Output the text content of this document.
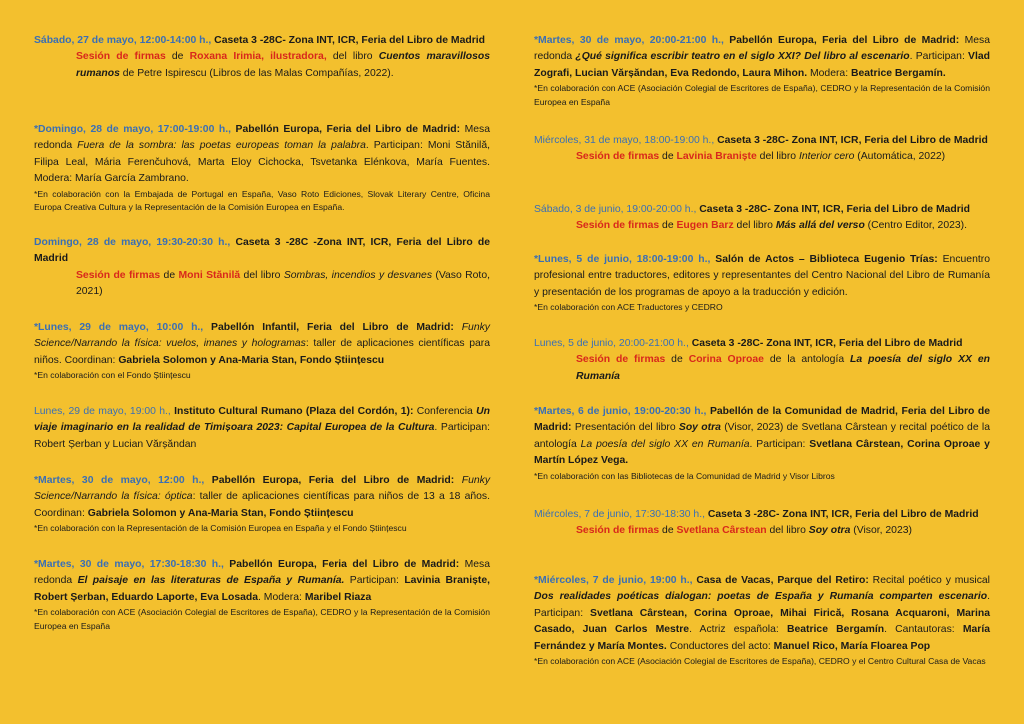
Sábado, 27 de mayo, 12:00-14:00 h., Caseta 3 -28C- Zona INT, ICR, Feria del Libro de Madrid

Sesión de firmas de Roxana Irimia, ilustradora, del libro Cuentos maravillosos rumanos de Petre Ispirescu (Libros de las Malas Compañías, 2022).

*Domingo, 28 de mayo, 17:00-19:00 h., Pabellón Europa, Feria del Libro de Madrid: Mesa redonda Fuera de la sombra: las poetas europeas toman la palabra. Participan: Moni Stănilă, Filipa Leal, Mária Ferenčuhová, Marta Eloy Cichocka, Tsvetanka Elénkova, María Fuentes. Modera: María García Zambrano.

*En colaboración con la Embajada de Portugal en España, Vaso Roto Ediciones, Slovak Literary Centre, Oficina Europa Creativa Cultura y la Representación de la Comisión Europea en España.

Domingo, 28 de mayo, 19:30-20:30 h., Caseta 3 -28C -Zona INT, ICR, Feria del Libro de Madrid

Sesión de firmas de Moni Stănilă del libro Sombras, incendios y desvanes (Vaso Roto, 2021)

*Lunes, 29 de mayo, 10:00 h., Pabellón Infantil, Feria del Libro de Madrid: Funky Science/Narrando la física: vuelos, imanes y hologramas: taller de aplicaciones científicas para niños. Coordinan: Gabriela Solomon y Ana-Maria Stan, Fondo Științescu

*En colaboración con el Fondo Științescu

Lunes, 29 de mayo, 19:00 h., Instituto Cultural Rumano (Plaza del Cordón, 1): Conferencia Un viaje imaginario en la realidad de Timișoara 2023: Capital Europea de la Cultura. Participan: Robert Șerban y Lucian Vărșăndan

*Martes, 30 de mayo, 12:00 h., Pabellón Europa, Feria del Libro de Madrid: Funky Science/Narrando la física: óptica: taller de aplicaciones científicas para niños de 13 a 18 años. Coordinan: Gabriela Solomon y Ana-Maria Stan, Fondo Științescu

*En colaboración con la Representación de la Comisión Europea en España y el Fondo Științescu

*Martes, 30 de mayo, 17:30-18:30 h., Pabellón Europa, Feria del Libro de Madrid: Mesa redonda El paisaje en las literaturas de España y Rumanía. Participan: Lavinia Braniște, Robert Șerban, Eduardo Laporte, Eva Losada. Modera: Maribel Riaza

*En colaboración con ACE (Asociación Colegial de Escritores de España), CEDRO y la Representación de la Comisión Europea en España

*Martes, 30 de mayo, 20:00-21:00 h., Pabellón Europa, Feria del Libro de Madrid: Mesa redonda ¿Qué significa escribir teatro en el siglo XXI? Del libro al escenario. Participan: Vlad Zografi, Lucian Vărșăndan, Eva Redondo, Laura Mihon. Modera: Beatrice Bergamín.

*En colaboración con ACE (Asociación Colegial de Escritores de España), CEDRO y la Representación de la Comisión Europea en España

Miércoles, 31 de mayo, 18:00-19:00 h., Caseta 3 -28C- Zona INT, ICR, Feria del Libro de Madrid

Sesión de firmas de Lavinia Braniște del libro Interior cero (Automática, 2022)

Sábado, 3 de junio, 19:00-20:00 h., Caseta 3 -28C- Zona INT, ICR, Feria del Libro de Madrid

Sesión de firmas de Eugen Barz del libro Más allá del verso (Centro Editor, 2023).

*Lunes, 5 de junio, 18:00-19:00 h., Salón de Actos – Biblioteca Eugenio Trías: Encuentro profesional entre traductores, editores y representantes del Centro Nacional del Libro de Rumanía y presentación de los programas de apoyo a la traducción y edición.

*En colaboración con ACE Traductores y CEDRO

Lunes, 5 de junio, 20:00-21:00 h., Caseta 3 -28C- Zona INT, ICR, Feria del Libro de Madrid

Sesión de firmas de Corina Oproae de la antología La poesía del siglo XX en Rumanía

*Martes, 6 de junio, 19:00-20:30 h., Pabellón de la Comunidad de Madrid, Feria del Libro de Madrid: Presentación del libro Soy otra (Visor, 2023) de Svetlana Cârstean y recital poético de la antología La poesía del siglo XX en Rumanía. Participan: Svetlana Cârstean, Corina Oproae y Martín López Vega.

*En colaboración con las Bibliotecas de la Comunidad de Madrid y Visor Libros

Miércoles, 7 de junio, 17:30-18:30 h., Caseta 3 -28C- Zona INT, ICR, Feria del Libro de Madrid

Sesión de firmas de Svetlana Cârstean del libro Soy otra (Visor, 2023)

*Miércoles, 7 de junio, 19:00 h., Casa de Vacas, Parque del Retiro: Recital poético y musical Dos realidades poéticas dialogan: poetas de España y Rumanía comparten escenario. Participan: Svetlana Cârstean, Corina Oproae, Mihai Firică, Rosana Acquaroni, Marina Casado, Juan Carlos Mestre. Actriz española: Beatrice Bergamín. Cantautoras: María Fernández y María Montes. Conductores del acto: Manuel Rico, María Floarea Pop

*En colaboración con ACE (Asociación Colegial de Escritores de España), CEDRO y el Centro Cultural Casa de Vacas
